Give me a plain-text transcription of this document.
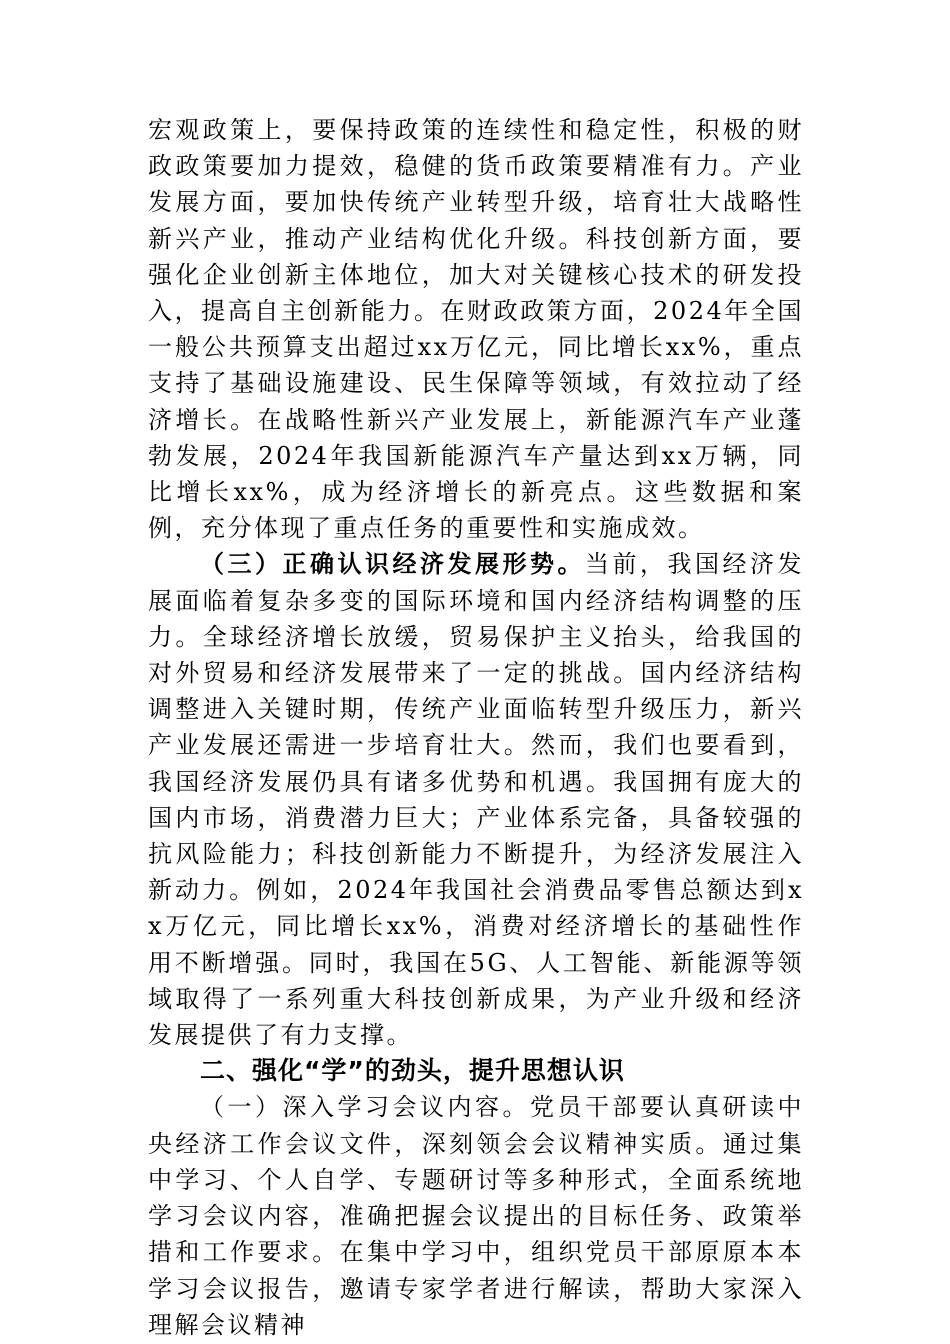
宏观政策上，要保持政策的连续性和稳定性，积极的财政政策要加力提效，稳健的货币政策要精准有力。产业发展方面，要加快传统产业转型升级，培育壮大战略性新兴产业，推动产业结构优化升级。科技创新方面，要强化企业创新主体地位，加大对关键核心技术的研发投入，提高自主创新能力。在财政政策方面，2024年全国一般公共预算支出超过xx万亿元，同比增长xx%，重点支持了基础设施建设、民生保障等领域，有效拉动了经济增长。在战略性新兴产业发展上，新能源汽车产业蓬勃发展，2024年我国新能源汽车产量达到xx万辆，同比增长xx%，成为经济增长的新亮点。这些数据和案例，充分体现了重点任务的重要性和实施成效。

（三）正确认识经济发展形势。当前，我国经济发展面临着复杂多变的国际环境和国内经济结构调整的压力。全球经济增长放缓，贸易保护主义抬头，给我国的对外贸易和经济发展带来了一定的挑战。国内经济结构调整进入关键时期，传统产业面临转型升级压力，新兴产业发展还需进一步培育壮大。然而，我们也要看到，我国经济发展仍具有诸多优势和机遇。我国拥有庞大的国内市场，消费潜力巨大；产业体系完备，具备较强的抗风险能力；科技创新能力不断提升，为经济发展注入新动力。例如，2024年我国社会消费品零售总额达到xx万亿元，同比增长xx%，消费对经济增长的基础性作用不断增强。同时，我国在5G、人工智能、新能源等领域取得了一系列重大科技创新成果，为产业升级和经济发展提供了有力支撑。

二、强化“学”的劲头，提升思想认识

（一）深入学习会议内容。党员干部要认真研读中央经济工作会议文件，深刻领会会议精神实质。通过集中学习、个人自学、专题研讨等多种形式，全面系统地学习会议内容，准确把握会议提出的目标任务、政策举措和工作要求。在集中学习中，组织党员干部原原本本学习会议报告，邀请专家学者进行解读，帮助大家深入理解会议精神
